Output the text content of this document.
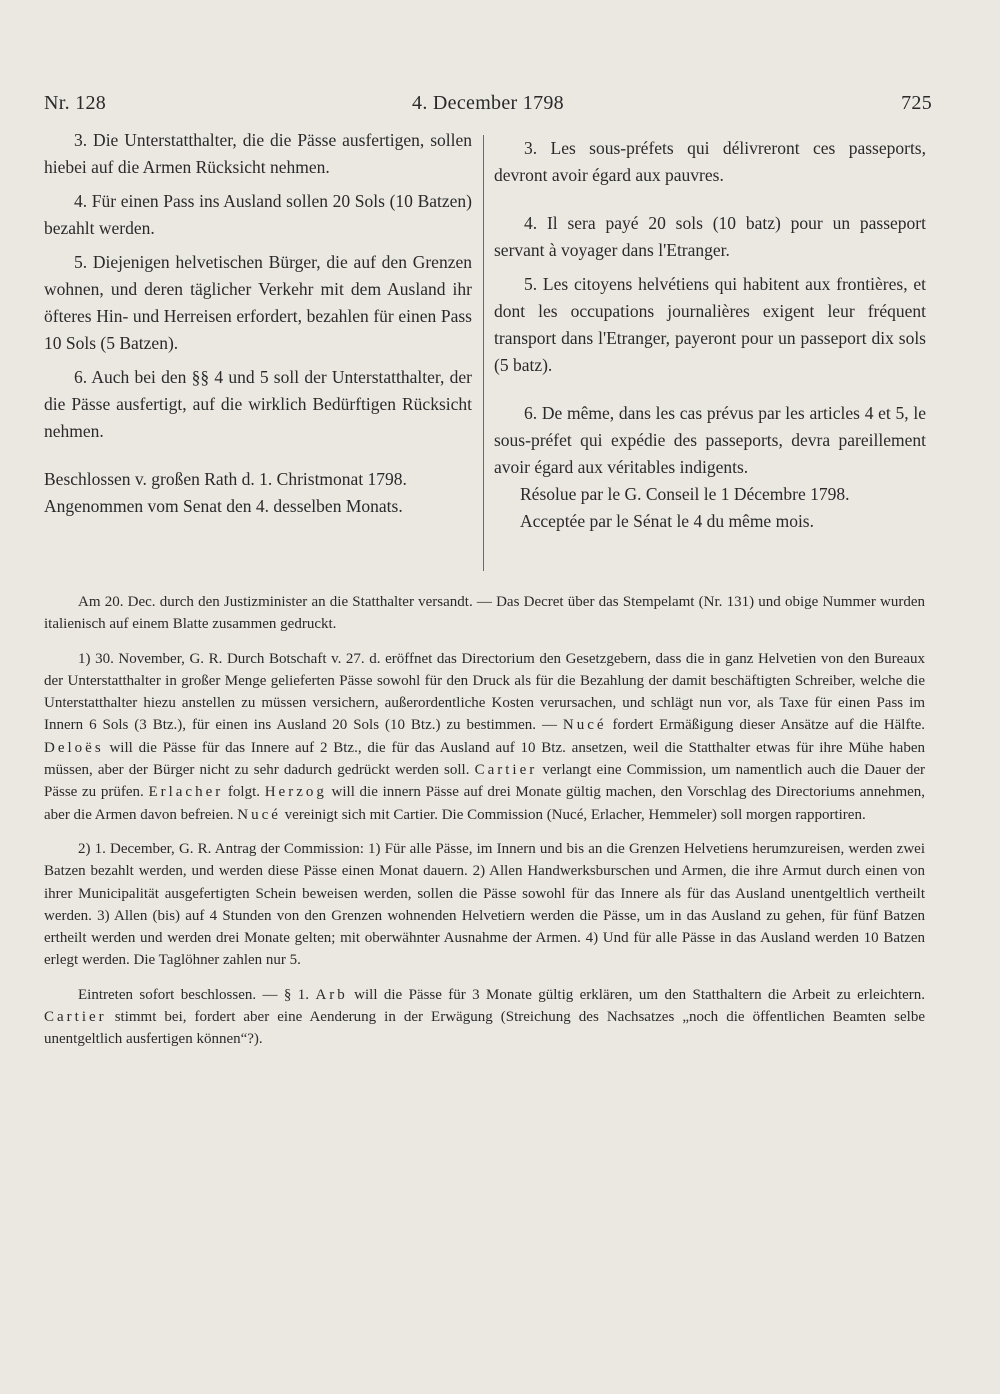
Nr. 128	4. December 1798	725

3. Die Unterstatthalter, die die Pässe ausfertigen, sollen hiebei auf die Armen Rücksicht nehmen.

4. Für einen Pass ins Ausland sollen 20 Sols (10 Batzen) bezahlt werden.

5. Diejenigen helvetischen Bürger, die auf den Grenzen wohnen, und deren täglicher Verkehr mit dem Ausland ihr öfteres Hin- und Herreisen erfordert, bezahlen für einen Pass 10 Sols (5 Batzen).

6. Auch bei den §§ 4 und 5 soll der Unterstatthalter, der die Pässe ausfertigt, auf die wirklich Bedürftigen Rücksicht nehmen.

Beschlossen v. großen Rath d. 1. Christmonat 1798.

Angenommen vom Senat den 4. desselben Monats.

3. Les sous-préfets qui délivreront ces passeports, devront avoir égard aux pauvres.

4. Il sera payé 20 sols (10 batz) pour un passeport servant à voyager dans l'Etranger.

5. Les citoyens helvétiens qui habitent aux frontières, et dont les occupations journalières exigent leur fréquent transport dans l'Etranger, payeront pour un passeport dix sols (5 batz).

6. De même, dans les cas prévus par les articles 4 et 5, le sous-préfet qui expédie des passeports, devra pareillement avoir égard aux véritables indigents.

Résolue par le G. Conseil le 1 Décembre 1798.

Acceptée par le Sénat le 4 du même mois.

Am 20. Dec. durch den Justizminister an die Statthalter versandt. — Das Decret über das Stempelamt (Nr. 131) und obige Nummer wurden italienisch auf einem Blatte zusammen gedruckt.

1) 30. November, G. R. Durch Botschaft v. 27. d. eröffnet das Directorium den Gesetzgebern, dass die in ganz Helvetien von den Bureaux der Unterstatthalter in großer Menge gelieferten Pässe sowohl für den Druck als für die Bezahlung der damit beschäftigten Schreiber, welche die Unterstatthalter hiezu anstellen zu müssen versichern, außerordentliche Kosten verursachen, und schlägt nun vor, als Taxe für einen Pass im Innern 6 Sols (3 Btz.), für einen ins Ausland 20 Sols (10 Btz.) zu bestimmen. — Nucé fordert Ermäßigung dieser Ansätze auf die Hälfte. Deloës will die Pässe für das Innere auf 2 Btz., die für das Ausland auf 10 Btz. ansetzen, weil die Statthalter etwas für ihre Mühe haben müssen, aber der Bürger nicht zu sehr dadurch gedrückt werden soll. Cartier verlangt eine Commission, um namentlich auch die Dauer der Pässe zu prüfen. Erlacher folgt. Herzog will die innern Pässe auf drei Monate gültig machen, den Vorschlag des Directoriums annehmen, aber die Armen davon befreien. Nucé vereinigt sich mit Cartier. Die Commission (Nucé, Erlacher, Hemmeler) soll morgen rapportiren.

2) 1. December, G. R. Antrag der Commission: 1) Für alle Pässe, im Innern und bis an die Grenzen Helvetiens herumzureisen, werden zwei Batzen bezahlt werden, und werden diese Pässe einen Monat dauern. 2) Allen Handwerksburschen und Armen, die ihre Armut durch einen von ihrer Municipalität ausgefertigten Schein beweisen werden, sollen die Pässe sowohl für das Innere als für das Ausland unentgeltlich vertheilt werden. 3) Allen (bis) auf 4 Stunden von den Grenzen wohnenden Helvetiern werden die Pässe, um in das Ausland zu gehen, für fünf Batzen ertheilt werden und werden drei Monate gelten; mit oberwähnter Ausnahme der Armen. 4) Und für alle Pässe in das Ausland werden 10 Batzen erlegt werden. Die Taglöhner zahlen nur 5.

Eintreten sofort beschlossen. — § 1. Arb will die Pässe für 3 Monate gültig erklären, um den Statthaltern die Arbeit zu erleichtern. Cartier stimmt bei, fordert aber eine Aenderung in der Erwägung (Streichung des Nachsatzes „noch die öffentlichen Beamten selbe unentgeltlich ausfertigen können“?).
